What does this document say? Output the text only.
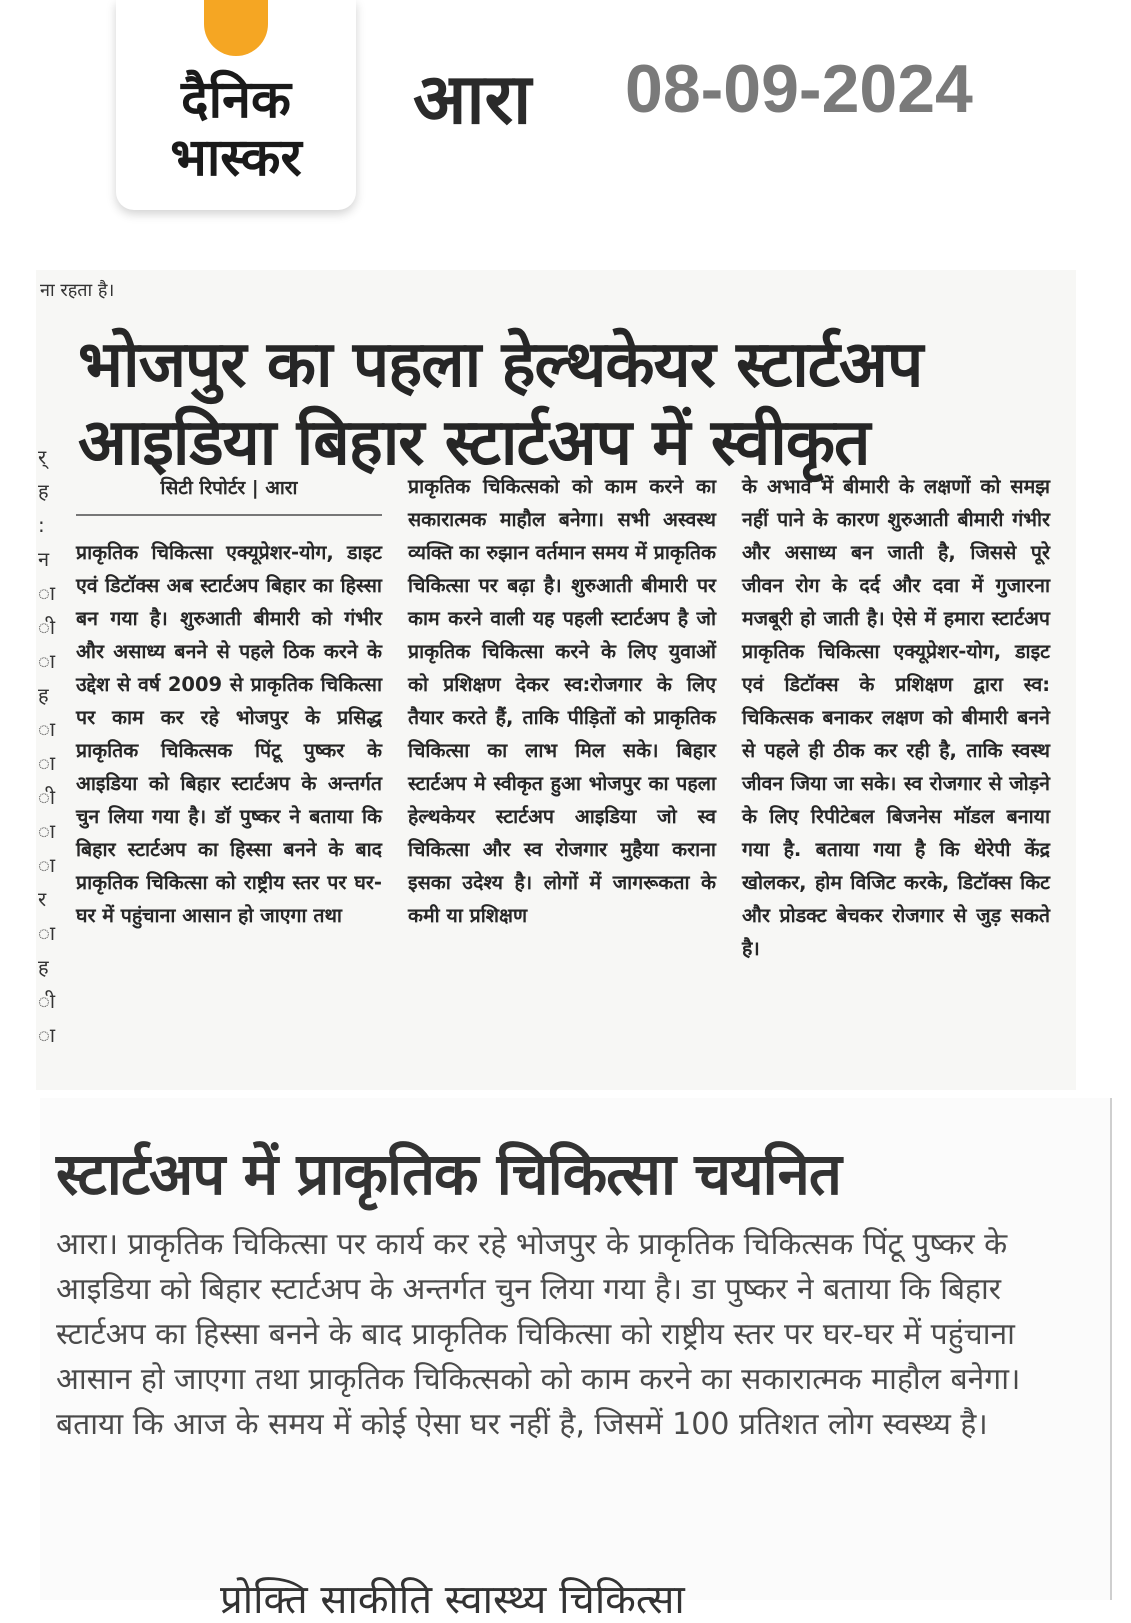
दैनिक
भास्कर
आरा 08-09-2024
ना रहता है।
भोजपुर का पहला हेल्थकेयर स्टार्टअप
आइडिया बिहार स्टार्टअप में स्वीकृत
र्
ह
:
न
ा
ी
ा
ह
ा
ा
ी
ा
ा
र
ा
ह
ी
ा
सिटी रिपोर्टर | आरा
प्राकृतिक चिकित्सा एक्यूप्रेशर-योग, डाइट एवं डिटॉक्स अब स्टार्टअप बिहार का हिस्सा बन गया है। शुरुआती बीमारी को गंभीर और असाध्य बनने से पहले ठिक करने के उद्देश से वर्ष 2009 से प्राकृतिक चिकित्सा पर काम कर रहे भोजपुर के प्रसिद्ध प्राकृतिक चिकित्सक पिंटू पुष्कर के आइडिया को बिहार स्टार्टअप के अन्तर्गत चुन लिया गया है। डॉ पुष्कर ने बताया कि बिहार स्टार्टअप का हिस्सा बनने के बाद प्राकृतिक चिकित्सा को राष्ट्रीय स्तर पर घर-घर में पहुंचाना आसान हो जाएगा तथा
प्राकृतिक चिकित्सको को काम करने का सकारात्मक माहौल बनेगा। सभी अस्वस्थ व्यक्ति का रुझान वर्तमान समय में प्राकृतिक चिकित्सा पर बढ़ा है। शुरुआती बीमारी पर काम करने वाली यह पहली स्टार्टअप है जो प्राकृतिक चिकित्सा करने के लिए युवाओं को प्रशिक्षण देकर स्व:रोजगार के लिए तैयार करते हैं, ताकि पीड़ितों को प्राकृतिक चिकित्सा का लाभ मिल सके। बिहार स्टार्टअप मे स्वीकृत हुआ भोजपुर का पहला हेल्थकेयर स्टार्टअप आइडिया जो स्व चिकित्सा और स्व रोजगार मुहैया कराना इसका उदेश्य है। लोगों में जागरूकता के कमी या प्रशिक्षण
के अभाव में बीमारी के लक्षणों को समझ नहीं पाने के कारण शुरुआती बीमारी गंभीर और असाध्य बन जाती है, जिससे पूरे जीवन रोग के दर्द और दवा में गुजारना मजबूरी हो जाती है। ऐसे में हमारा स्टार्टअप प्राकृतिक चिकित्सा एक्यूप्रेशर-योग, डाइट एवं डिटॉक्स के प्रशिक्षण द्वारा स्व: चिकित्सक बनाकर लक्षण को बीमारी बनने से पहले ही ठीक कर रही है, ताकि स्वस्थ जीवन जिया जा सके। स्व रोजगार से जोड़ने के लिए रिपीटेबल बिजनेस मॉडल बनाया गया है. बताया गया है कि थेरेपी केंद्र खोलकर, होम विजिट करके, डिटॉक्स किट और प्रोडक्ट बेचकर रोजगार से जुड़ सकते है।
स्टार्टअप में प्राकृतिक चिकित्सा चयनित
आरा। प्राकृतिक चिकित्सा पर कार्य कर रहे भोजपुर के प्राकृतिक चिकित्सक पिंटू पुष्कर के आइडिया को बिहार स्टार्टअप के अन्तर्गत चुन लिया गया है। डा पुष्कर ने बताया कि बिहार स्टार्टअप का हिस्सा बनने के बाद प्राकृतिक चिकित्सा को राष्ट्रीय स्तर पर घर-घर में पहुंचाना आसान हो जाएगा तथा प्राकृतिक चिकित्सको को काम करने का सकारात्मक माहौल बनेगा। बताया कि आज के समय में कोई ऐसा घर नहीं है, जिसमें 100 प्रतिशत लोग स्वस्थ्य है।
प्रोक्ति साकीति स्वास्थ्य चिकित्सा
